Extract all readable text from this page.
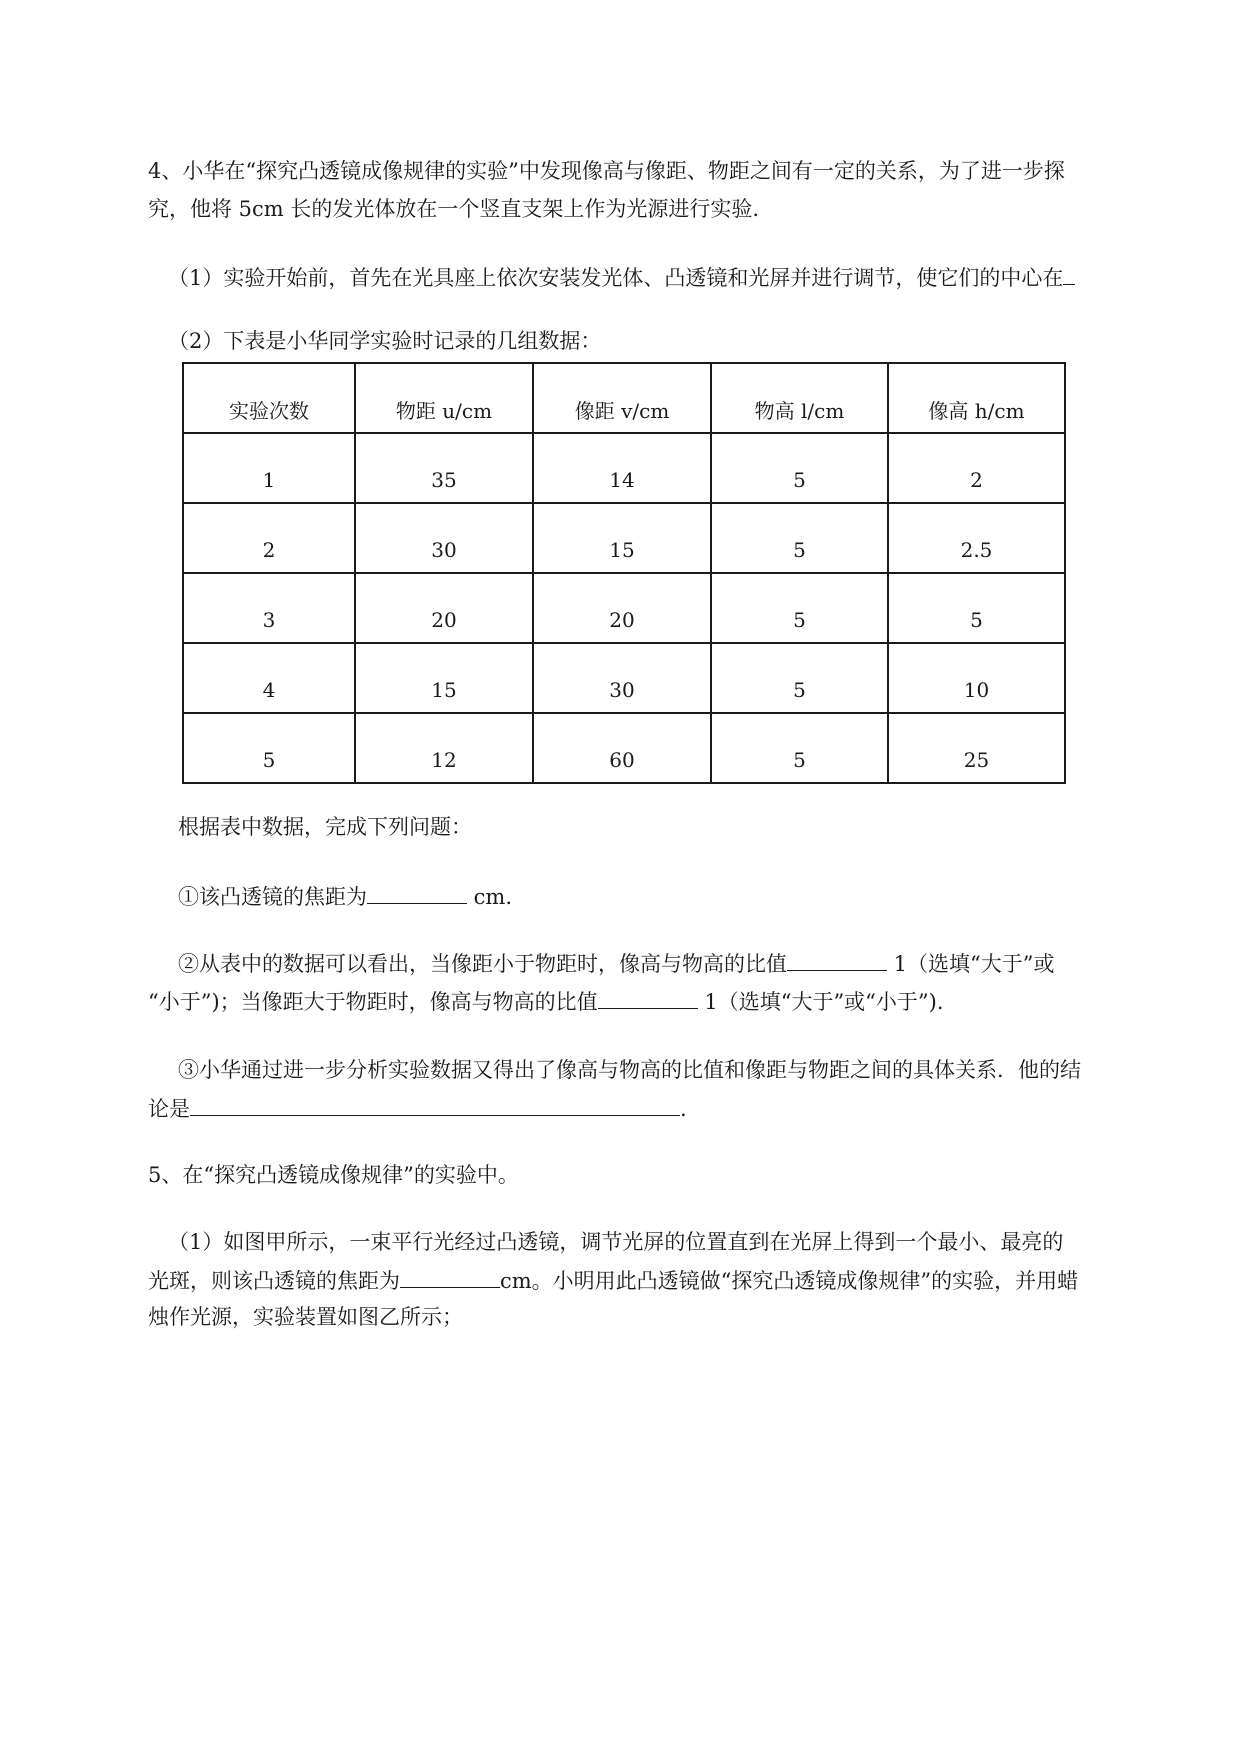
4、小华在“探究凸透镜成像规律的实验”中发现像高与像距、物距之间有一定的关系，为了进一步探
究，他将 5cm 长的发光体放在一个竖直支架上作为光源进行实验.
（1）实验开始前，首先在光具座上依次安装发光体、凸透镜和光屏并进行调节，使它们的中心在
（2）下表是小华同学实验时记录的几组数据：
实验次数	物距 u/cm	像距 v/cm	物高 l/cm	像高 h/cm
1	35	14	5	2
2	30	15	5	2.5
3	20	20	5	5
4	15	30	5	10
5	12	60	5	25
根据表中数据，完成下列问题：
①该凸透镜的焦距为	cm.
②从表中的数据可以看出，当像距小于物距时，像高与物高的比值	1（选填“大于”或
“小于”)；当像距大于物距时，像高与物高的比值	1（选填“大于”或“小于”).
③小华通过进一步分析实验数据又得出了像高与物高的比值和像距与物距之间的具体关系．他的结
论是	.
5、在“探究凸透镜成像规律”的实验中。
（1）如图甲所示，一束平行光经过凸透镜，调节光屏的位置直到在光屏上得到一个最小、最亮的
光斑，则该凸透镜的焦距为	cm。小明用此凸透镜做“探究凸透镜成像规律”的实验，并用蜡
烛作光源，实验装置如图乙所示；
